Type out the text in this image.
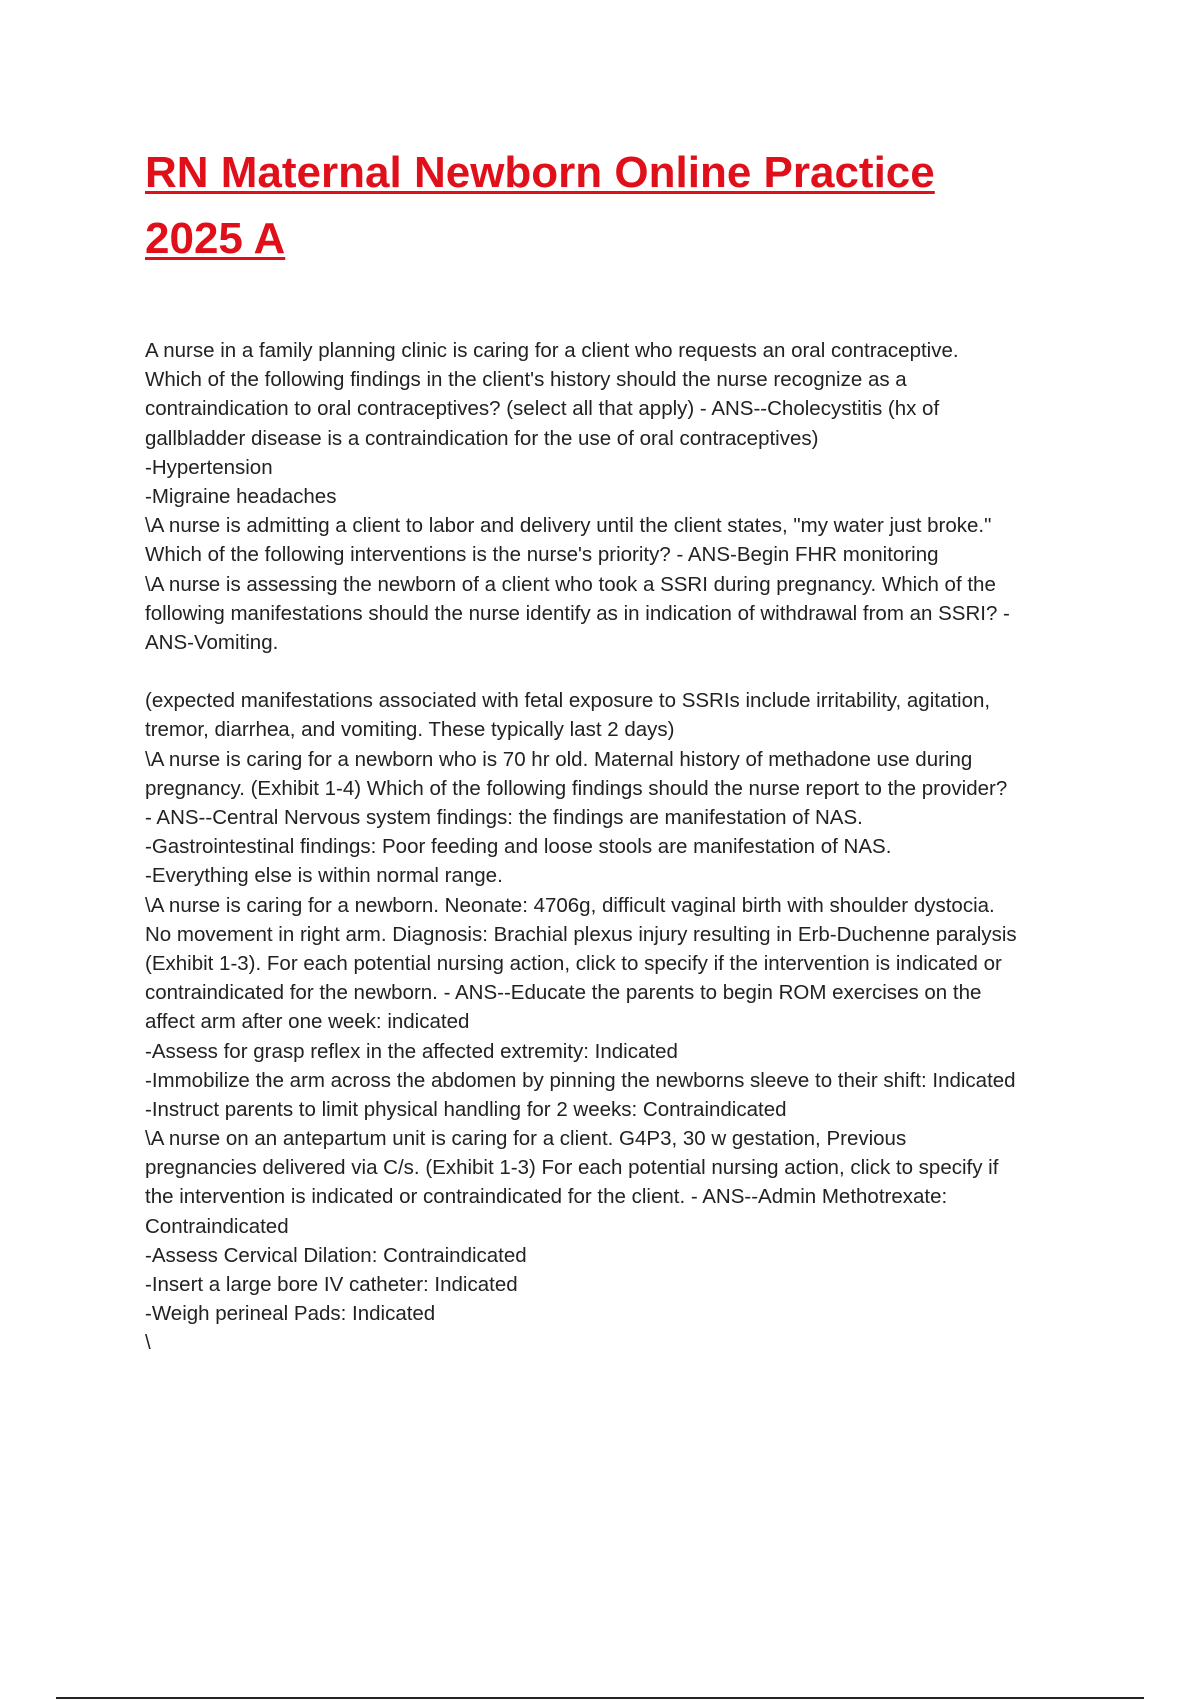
RN Maternal Newborn Online Practice
2025 A
A nurse in a family planning clinic is caring for a client who requests an oral contraceptive.
Which of the following findings in the client's history should the nurse recognize as a
contraindication to oral contraceptives? (select all that apply) - ANS--Cholecystitis (hx of
gallbladder disease is a contraindication for the use of oral contraceptives)
-Hypertension
-Migraine headaches
\A nurse is admitting a client to labor and delivery until the client states, "my water just broke."
Which of the following interventions is the nurse's priority? - ANS-Begin FHR monitoring
\A nurse is assessing the newborn of a client who took a SSRI during pregnancy. Which of the
following manifestations should the nurse identify as in indication of withdrawal from an SSRI? -
ANS-Vomiting.
(expected manifestations associated with fetal exposure to SSRIs include irritability, agitation,
tremor, diarrhea, and vomiting. These typically last 2 days)
\A nurse is caring for a newborn who is 70 hr old. Maternal history of methadone use during
pregnancy. (Exhibit 1-4) Which of the following findings should the nurse report to the provider?
- ANS--Central Nervous system findings: the findings are manifestation of NAS.
-Gastrointestinal findings: Poor feeding and loose stools are manifestation of NAS.
-Everything else is within normal range.
\A nurse is caring for a newborn. Neonate: 4706g, difficult vaginal birth with shoulder dystocia.
No movement in right arm. Diagnosis: Brachial plexus injury resulting in Erb-Duchenne paralysis
(Exhibit 1-3). For each potential nursing action, click to specify if the intervention is indicated or
contraindicated for the newborn. - ANS--Educate the parents to begin ROM exercises on the
affect arm after one week: indicated
-Assess for grasp reflex in the affected extremity: Indicated
-Immobilize the arm across the abdomen by pinning the newborns sleeve to their shift: Indicated
-Instruct parents to limit physical handling for 2 weeks: Contraindicated
\A nurse on an antepartum unit is caring for a client. G4P3, 30 w gestation, Previous
pregnancies delivered via C/s. (Exhibit 1-3) For each potential nursing action, click to specify if
the intervention is indicated or contraindicated for the client. - ANS--Admin Methotrexate:
Contraindicated
-Assess Cervical Dilation: Contraindicated
-Insert a large bore IV catheter: Indicated
-Weigh perineal Pads: Indicated
\
